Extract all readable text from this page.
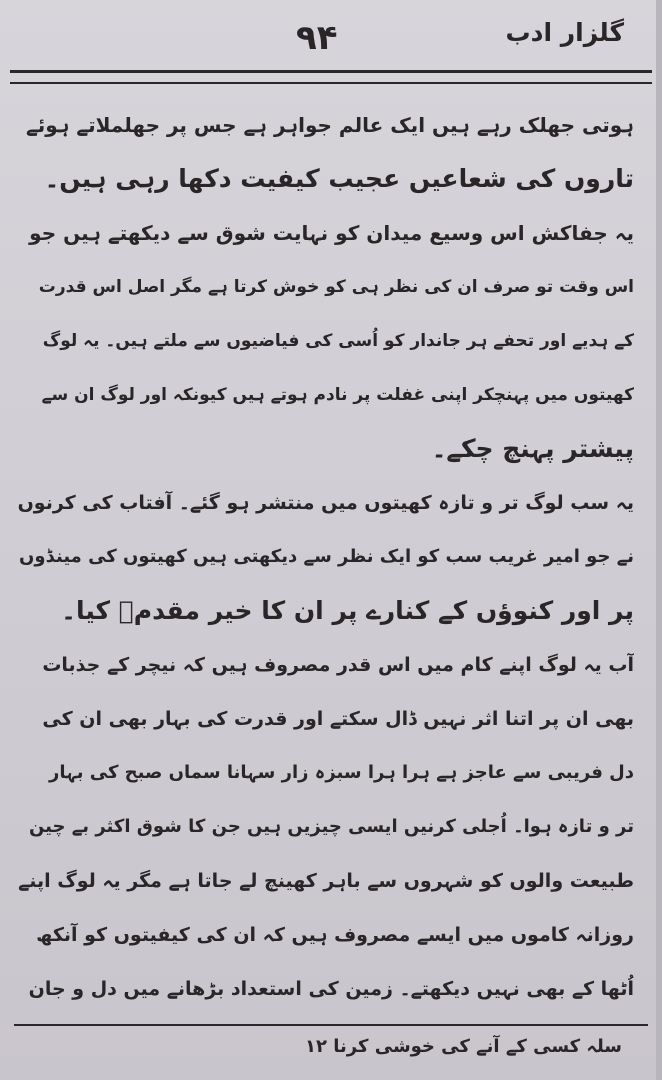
گلزار ادب
۹۴
ہوتی جھلک رہے ہیں ایک عالم جواہر ہے جس پر جھلملاتے ہوئے
تاروں کی شعاعیں عجیب کیفیت دکھا رہی ہیں۔
یہ جفاکش اس وسیع میدان کو نہایت شوق سے دیکھتے ہیں جو
اس وقت تو صرف ان کی نظر ہی کو خوش کرتا ہے مگر اصل اس قدرت
کے ہدیے اور تحفے ہر جاندار کو اُسی کی فیاضیوں سے ملتے ہیں۔ یہ لوگ
کھیتوں میں پہنچکر اپنی غفلت پر نادم ہوتے ہیں کیونکہ اور لوگ ان سے
پیشتر پہنچ چکے۔
یہ سب لوگ تر و تازہ کھیتوں میں منتشر ہو گئے۔ آفتاب کی کرنوں
نے جو امیر غریب سب کو ایک نظر سے دیکھتی ہیں کھیتوں کی مینڈوں
پر اور کنوؤں کے کنارے پر ان کا خیر مقدمؔ کیا۔
آب یہ لوگ اپنے کام میں اس قدر مصروف ہیں کہ نیچر کے جذبات
بھی ان پر اتنا اثر نہیں ڈال سکتے اور قدرت کی بہار بھی ان کی
دل فریبی سے عاجز ہے ہرا ہرا سبزہ زار سہانا سماں صبح کی بہار
تر و تازہ ہوا۔ اُجلی کرنیں ایسی چیزیں ہیں جن کا شوق اکثر بے چین
طبیعت والوں کو شہروں سے باہر کھینچ لے جاتا ہے مگر یہ لوگ اپنے
روزانہ کاموں میں ایسے مصروف ہیں کہ ان کی کیفیتوں کو آنکھ
اُٹھا کے بھی نہیں دیکھتے۔ زمین کی استعداد بڑھانے میں دل و جان
سلہ کسی کے آنے کی خوشی کرنا ۱۲
